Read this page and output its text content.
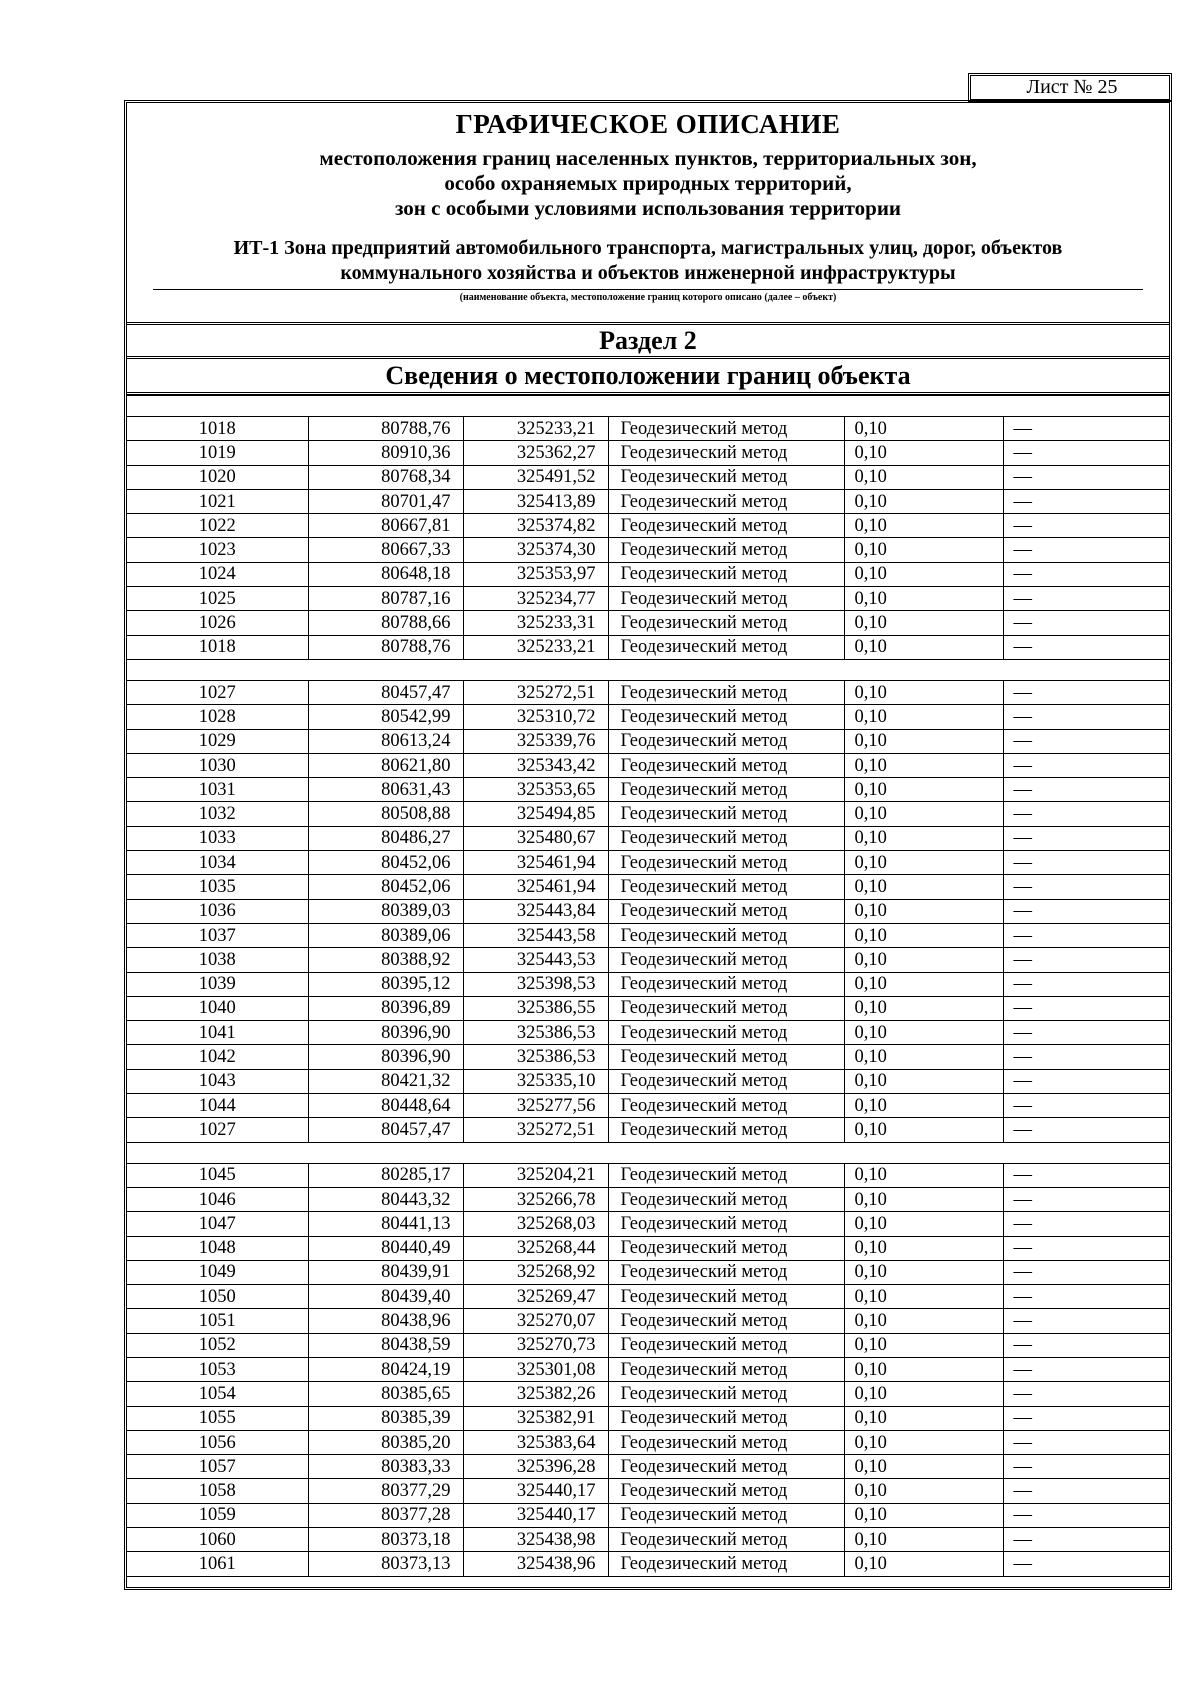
Лист № 25
ГРАФИЧЕСКОЕ ОПИСАНИЕ
местоположения границ населенных пунктов, территориальных зон,
особо охраняемых природных территорий,
зон с особыми условиями использования территории
ИТ-1 Зона предприятий автомобильного транспорта, магистральных улиц, дорог, объектов
коммунального хозяйства и объектов инженерной инфраструктуры
(наименование объекта, местоположение границ которого описано (далее – объект)
Раздел 2
Сведения о местоположении границ объекта

1018	80788,76	325233,21	Геодезический метод	0,10	—
1019	80910,36	325362,27	Геодезический метод	0,10	—
1020	80768,34	325491,52	Геодезический метод	0,10	—
1021	80701,47	325413,89	Геодезический метод	0,10	—
1022	80667,81	325374,82	Геодезический метод	0,10	—
1023	80667,33	325374,30	Геодезический метод	0,10	—
1024	80648,18	325353,97	Геодезический метод	0,10	—
1025	80787,16	325234,77	Геодезический метод	0,10	—
1026	80788,66	325233,31	Геодезический метод	0,10	—
1018	80788,76	325233,21	Геодезический метод	0,10	—

1027	80457,47	325272,51	Геодезический метод	0,10	—
1028	80542,99	325310,72	Геодезический метод	0,10	—
1029	80613,24	325339,76	Геодезический метод	0,10	—
1030	80621,80	325343,42	Геодезический метод	0,10	—
1031	80631,43	325353,65	Геодезический метод	0,10	—
1032	80508,88	325494,85	Геодезический метод	0,10	—
1033	80486,27	325480,67	Геодезический метод	0,10	—
1034	80452,06	325461,94	Геодезический метод	0,10	—
1035	80452,06	325461,94	Геодезический метод	0,10	—
1036	80389,03	325443,84	Геодезический метод	0,10	—
1037	80389,06	325443,58	Геодезический метод	0,10	—
1038	80388,92	325443,53	Геодезический метод	0,10	—
1039	80395,12	325398,53	Геодезический метод	0,10	—
1040	80396,89	325386,55	Геодезический метод	0,10	—
1041	80396,90	325386,53	Геодезический метод	0,10	—
1042	80396,90	325386,53	Геодезический метод	0,10	—
1043	80421,32	325335,10	Геодезический метод	0,10	—
1044	80448,64	325277,56	Геодезический метод	0,10	—
1027	80457,47	325272,51	Геодезический метод	0,10	—

1045	80285,17	325204,21	Геодезический метод	0,10	—
1046	80443,32	325266,78	Геодезический метод	0,10	—
1047	80441,13	325268,03	Геодезический метод	0,10	—
1048	80440,49	325268,44	Геодезический метод	0,10	—
1049	80439,91	325268,92	Геодезический метод	0,10	—
1050	80439,40	325269,47	Геодезический метод	0,10	—
1051	80438,96	325270,07	Геодезический метод	0,10	—
1052	80438,59	325270,73	Геодезический метод	0,10	—
1053	80424,19	325301,08	Геодезический метод	0,10	—
1054	80385,65	325382,26	Геодезический метод	0,10	—
1055	80385,39	325382,91	Геодезический метод	0,10	—
1056	80385,20	325383,64	Геодезический метод	0,10	—
1057	80383,33	325396,28	Геодезический метод	0,10	—
1058	80377,29	325440,17	Геодезический метод	0,10	—
1059	80377,28	325440,17	Геодезический метод	0,10	—
1060	80373,18	325438,98	Геодезический метод	0,10	—
1061	80373,13	325438,96	Геодезический метод	0,10	—
